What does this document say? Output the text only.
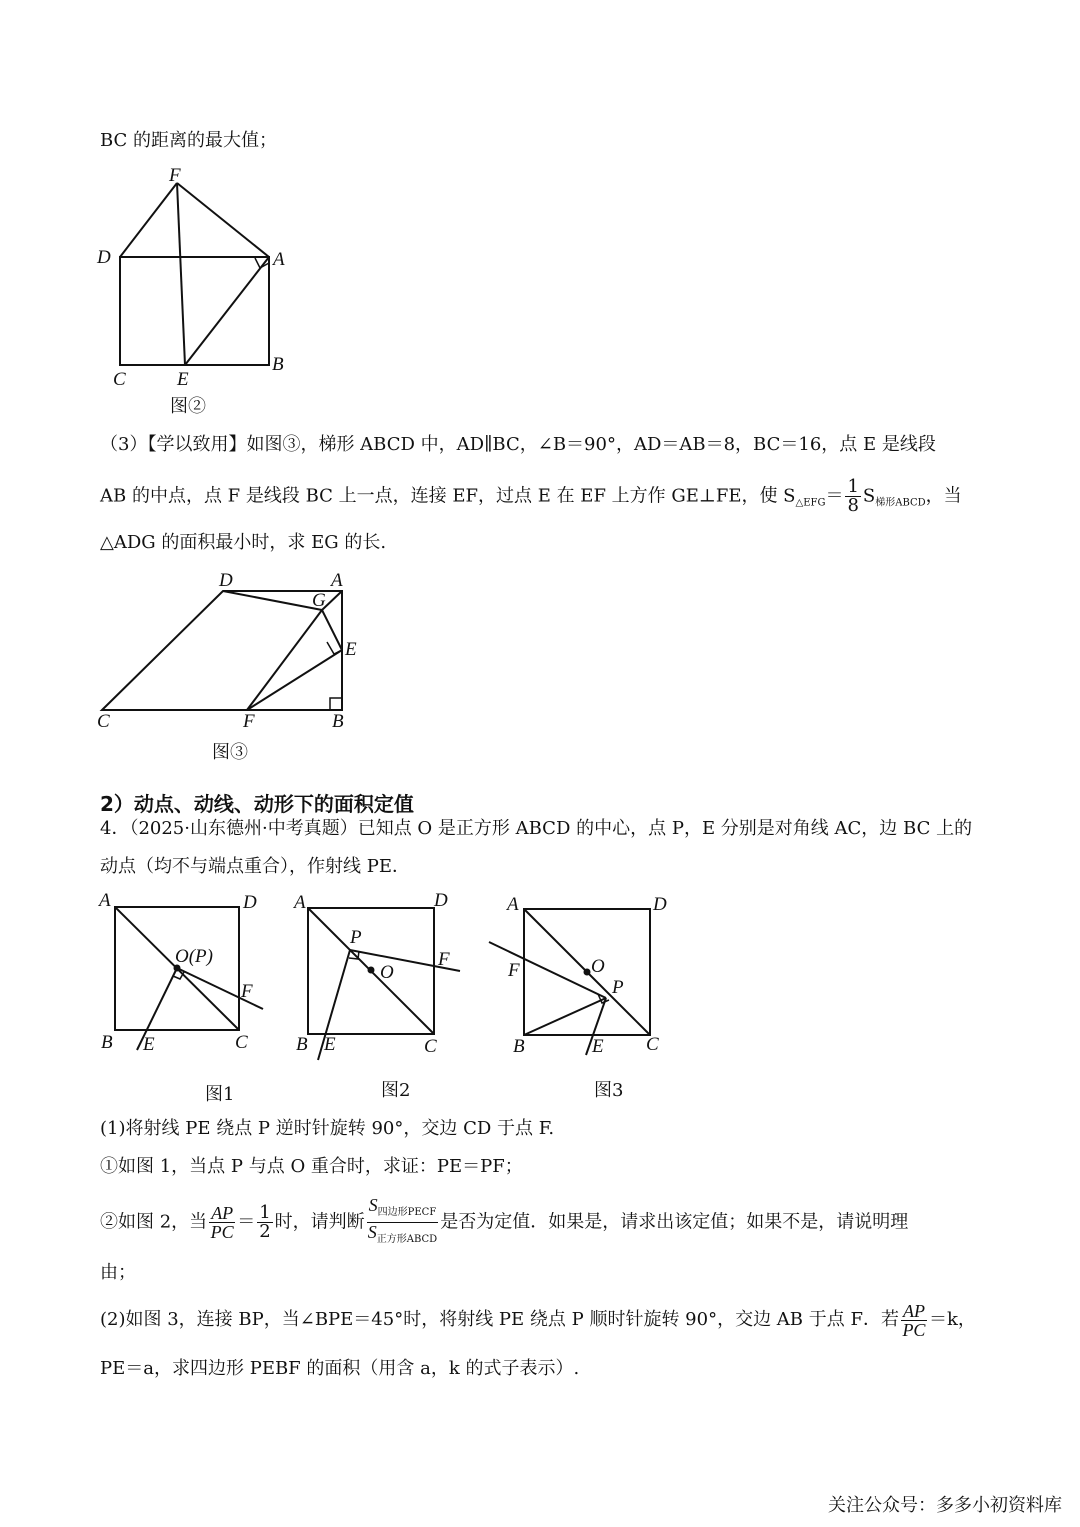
BC 的距离的最大值；
F
D	A
B
C	E
图②
（3）【学以致用】如图③，梯形 ABCD 中，AD∥BC，∠B＝90°，AD＝AB＝8，BC＝16，点 E 是线段
AB 的中点，点 F 是线段 BC 上一点，连接 EF，过点 E 在 EF 上方作 GE⊥FE，使 $S_{\triangle EFG}= \frac{1}{8} S_{梯形ABCD}$，当
△ADG 的面积最小时，求 EG 的长.
D	A
G
E
C	F	B
图③
2）动点、动线、动形下的面积定值
4．（2025·山东德州·中考真题）已知点 O 是正方形 ABCD 的中心，点 P，E 分别是对角线 AC，边 BC 上的
动点（均不与端点重合），作射线 PE．
A	D
B	C
E
F
O(P)
图1
A	D
B	C
E
F
P
O
图2
A	D
B	C
E
F
P
O
图3
(1)将射线 PE 绕点 P 逆时针旋转 90°，交边 CD 于点 F.
①如图 1，当点 P 与点 O 重合时，求证：PE＝PF；
②如图 2，当 $\frac{AP}{PC} = \frac{1}{2}$ 时，请判断 $\frac{S_{四边形PECF}}{S_{正方形ABCD}}$ 是否为定值．如果是，请求出该定值；如果不是，请说明理
由；
(2)如图 3，连接 BP，当∠BPE＝45°时，将射线 PE 绕点 P 顺时针旋转 90°，交边 AB 于点 F．若 $\frac{AP}{PC} =k$，
PE＝a，求四边形 PEBF 的面积（用含 a，k 的式子表示）.
关注公众号：多多小初资料库
